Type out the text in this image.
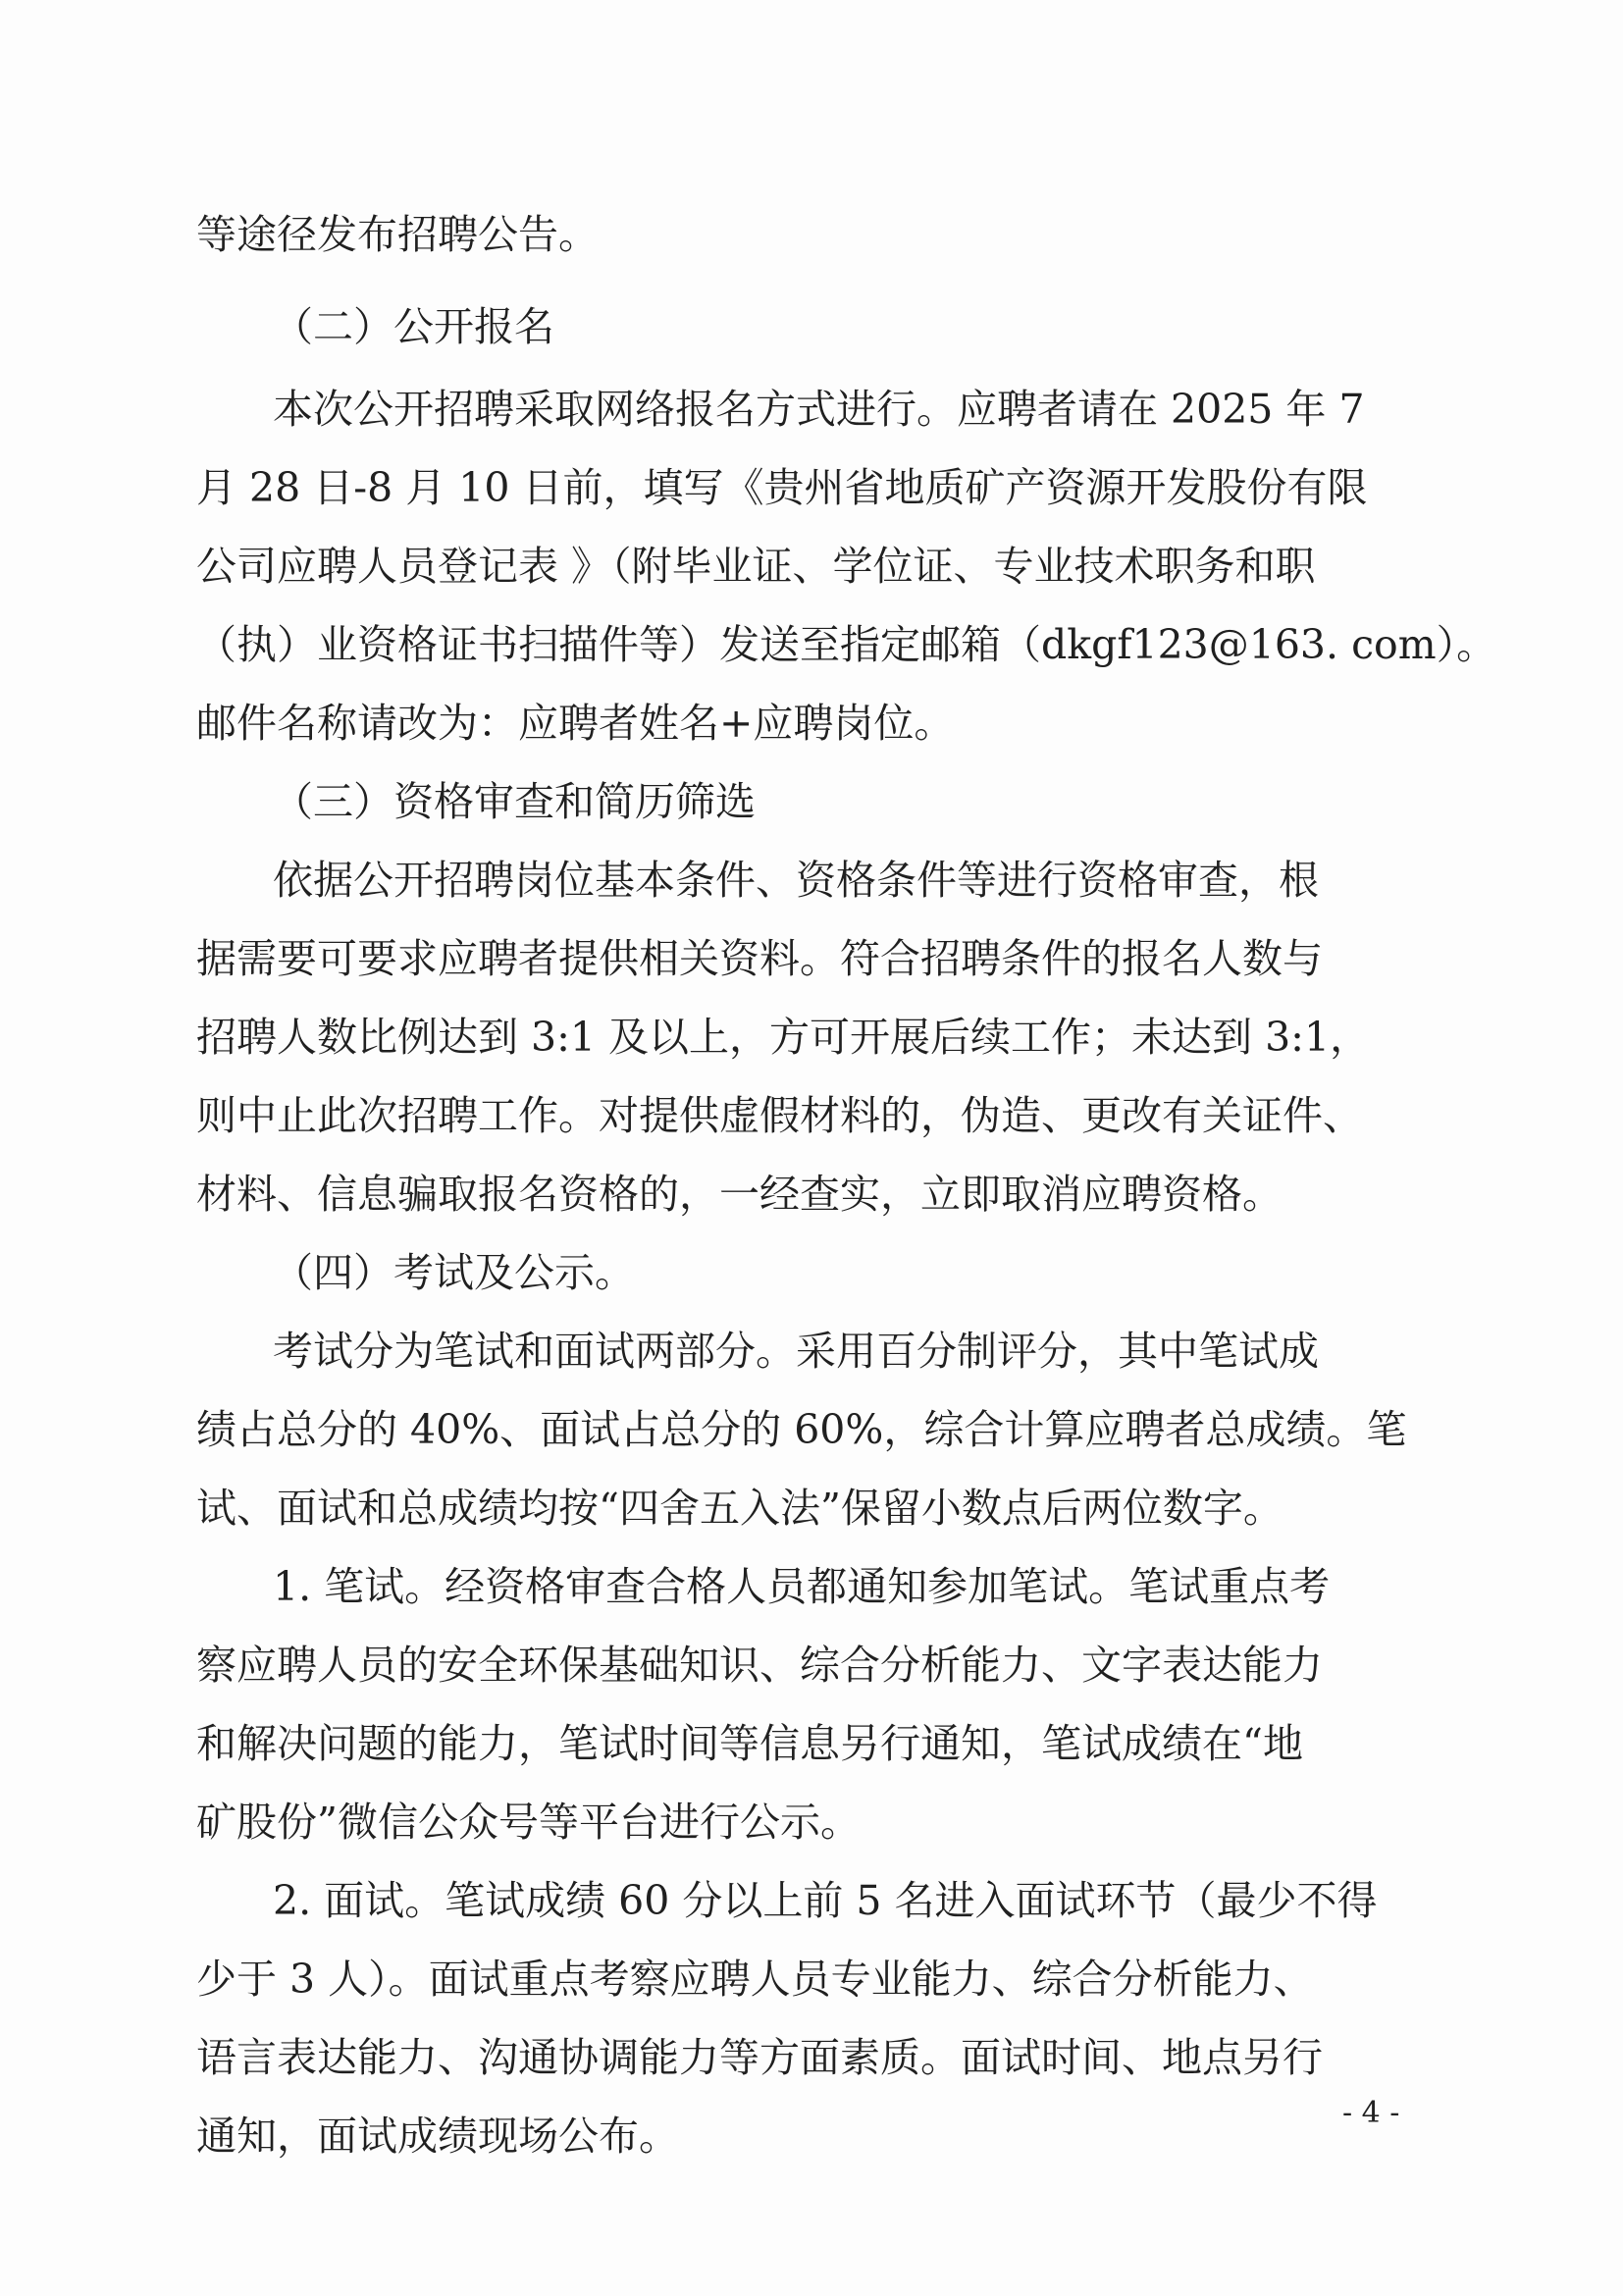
等途径发布招聘公告。
（二）公开报名
本次公开招聘采取网络报名方式进行。应聘者请在 2025 年 7
月 28 日-8 月 10 日前，填写《贵州省地质矿产资源开发股份有限
公司应聘人员登记表 》（附毕业证、学位证、专业技术职务和职
（执）业资格证书扫描件等）发送至指定邮箱（dkgf123@163. com）。
邮件名称请改为：应聘者姓名+应聘岗位。
（三）资格审查和简历筛选
依据公开招聘岗位基本条件、资格条件等进行资格审查，根
据需要可要求应聘者提供相关资料。符合招聘条件的报名人数与
招聘人数比例达到 3:1 及以上，方可开展后续工作；未达到 3:1，
则中止此次招聘工作。对提供虚假材料的，伪造、更改有关证件、
材料、信息骗取报名资格的，一经查实，立即取消应聘资格。
（四）考试及公示。
考试分为笔试和面试两部分。采用百分制评分，其中笔试成
绩占总分的 40%、面试占总分的 60%，综合计算应聘者总成绩。笔
试、面试和总成绩均按“四舍五入法”保留小数点后两位数字。
1. 笔试。经资格审查合格人员都通知参加笔试。笔试重点考
察应聘人员的安全环保基础知识、综合分析能力、文字表达能力
和解决问题的能力，笔试时间等信息另行通知，笔试成绩在“地
矿股份”微信公众号等平台进行公示。
2. 面试。笔试成绩 60 分以上前 5 名进入面试环节（最少不得
少于 3 人）。面试重点考察应聘人员专业能力、综合分析能力、
语言表达能力、沟通协调能力等方面素质。面试时间、地点另行
通知，面试成绩现场公布。	- 4 -
